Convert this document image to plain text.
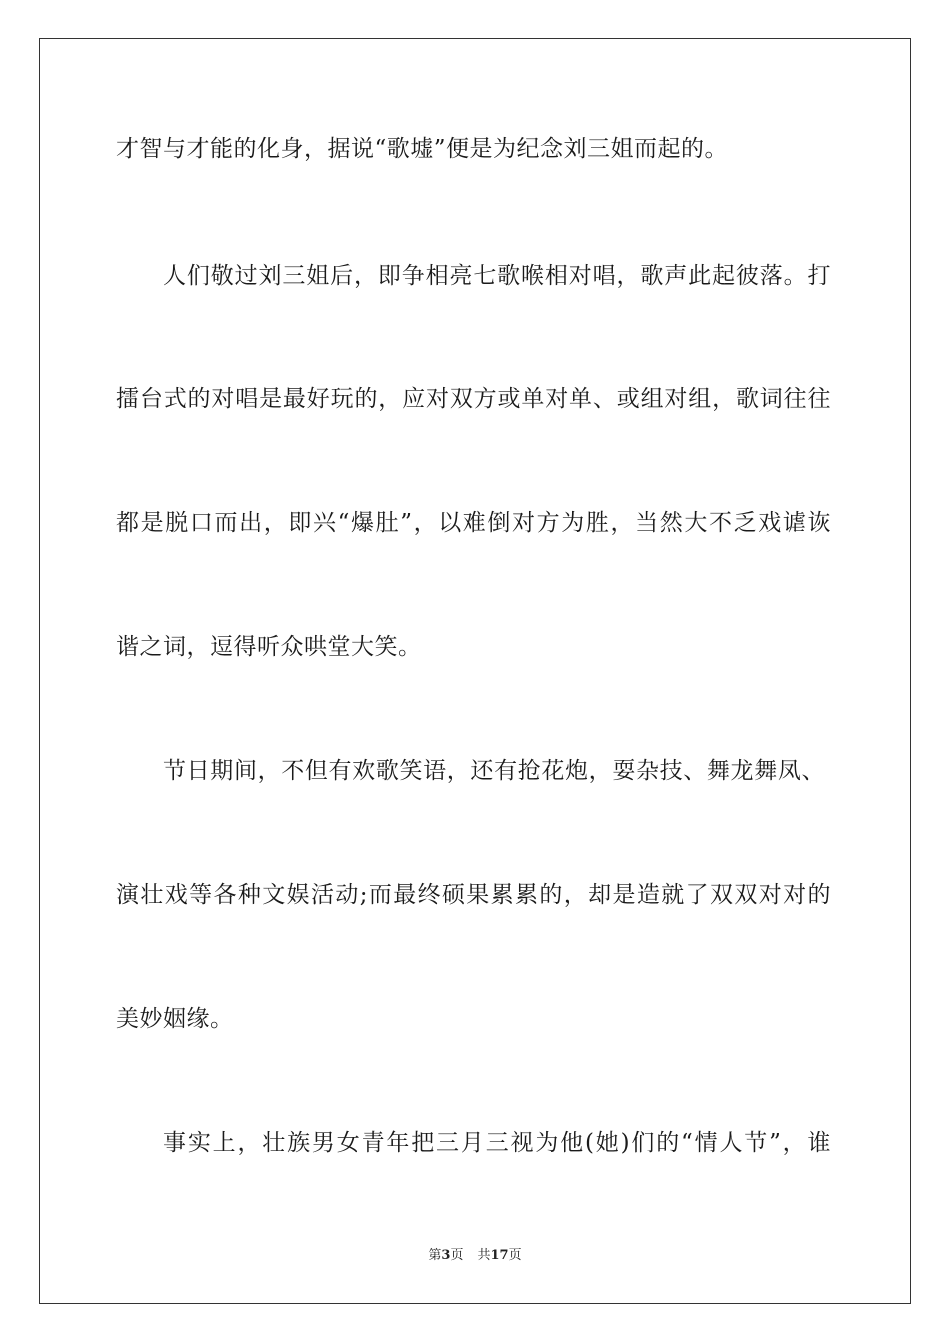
才智与才能的化身，据说“歌墟”便是为纪念刘三姐而起的。
人们敬过刘三姐后，即争相亮七歌喉相对唱，歌声此起彼落。打
擂台式的对唱是最好玩的，应对双方或单对单、或组对组，歌词往往
都是脱口而出，即兴“爆肚”，以难倒对方为胜，当然大不乏戏谑诙
谐之词，逗得听众哄堂大笑。
节日期间，不但有欢歌笑语，还有抢花炮，耍杂技、舞龙舞凤、
演壮戏等各种文娱活动;而最终硕果累累的，却是造就了双双对对的
美妙姻缘。
事实上，壮族男女青年把三月三视为他(她)们的“情人节”，谁
第3页 共17页
